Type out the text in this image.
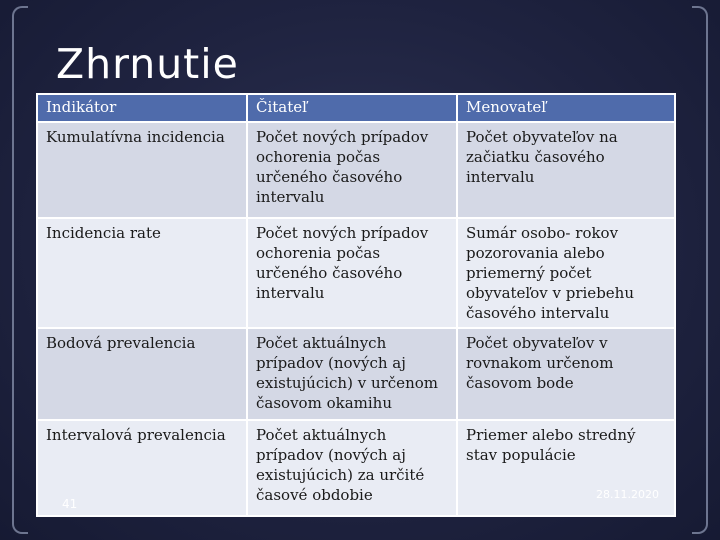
Zhrnutie
Indikátor	Čitateľ	Menovateľ
Kumulatívna incidencia	Počet nových prípadov ochorenia počas určeného časového intervalu	Počet obyvateľov na začiatku časového intervalu
Incidencia rate	Počet nových prípadov ochorenia počas určeného časového intervalu	Sumár osobo- rokov pozorovania alebo priemerný počet obyvateľov v priebehu časového intervalu
Bodová prevalencia	Počet aktuálnych prípadov (nových aj existujúcich) v určenom časovom okamihu	Počet obyvateľov v rovnakom určenom časovom bode
Intervalová prevalencia	Počet aktuálnych prípadov (nových aj existujúcich) za určité časové obdobie	Priemer alebo stredný stav populácie
41
28.11.2020
